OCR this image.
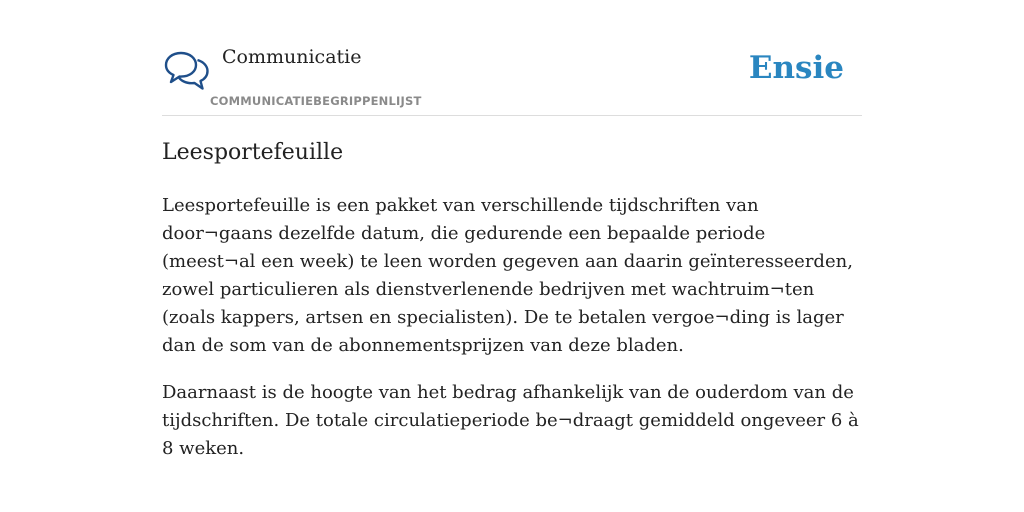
Communicatie
COMMUNICATIEBEGRIPPENLIJST
Ensie
Leesportefeuille

Leesportefeuille is een pakket van verschillende tijdschriften van door¬gaans dezelfde datum, die gedurende een bepaalde periode (meest¬al een week) te leen worden gegeven aan daarin geïnteresseerden, zowel particulieren als dienstverlenende bedrijven met wachtruim¬ten (zoals kappers, artsen en specialisten). De te betalen vergoe¬ding is lager dan de som van de abonnementsprijzen van deze bladen.

Daarnaast is de hoogte van het bedrag afhankelijk van de ouderdom van de tijdschriften. De totale circulatieperiode be¬draagt gemiddeld ongeveer 6 à 8 weken.
